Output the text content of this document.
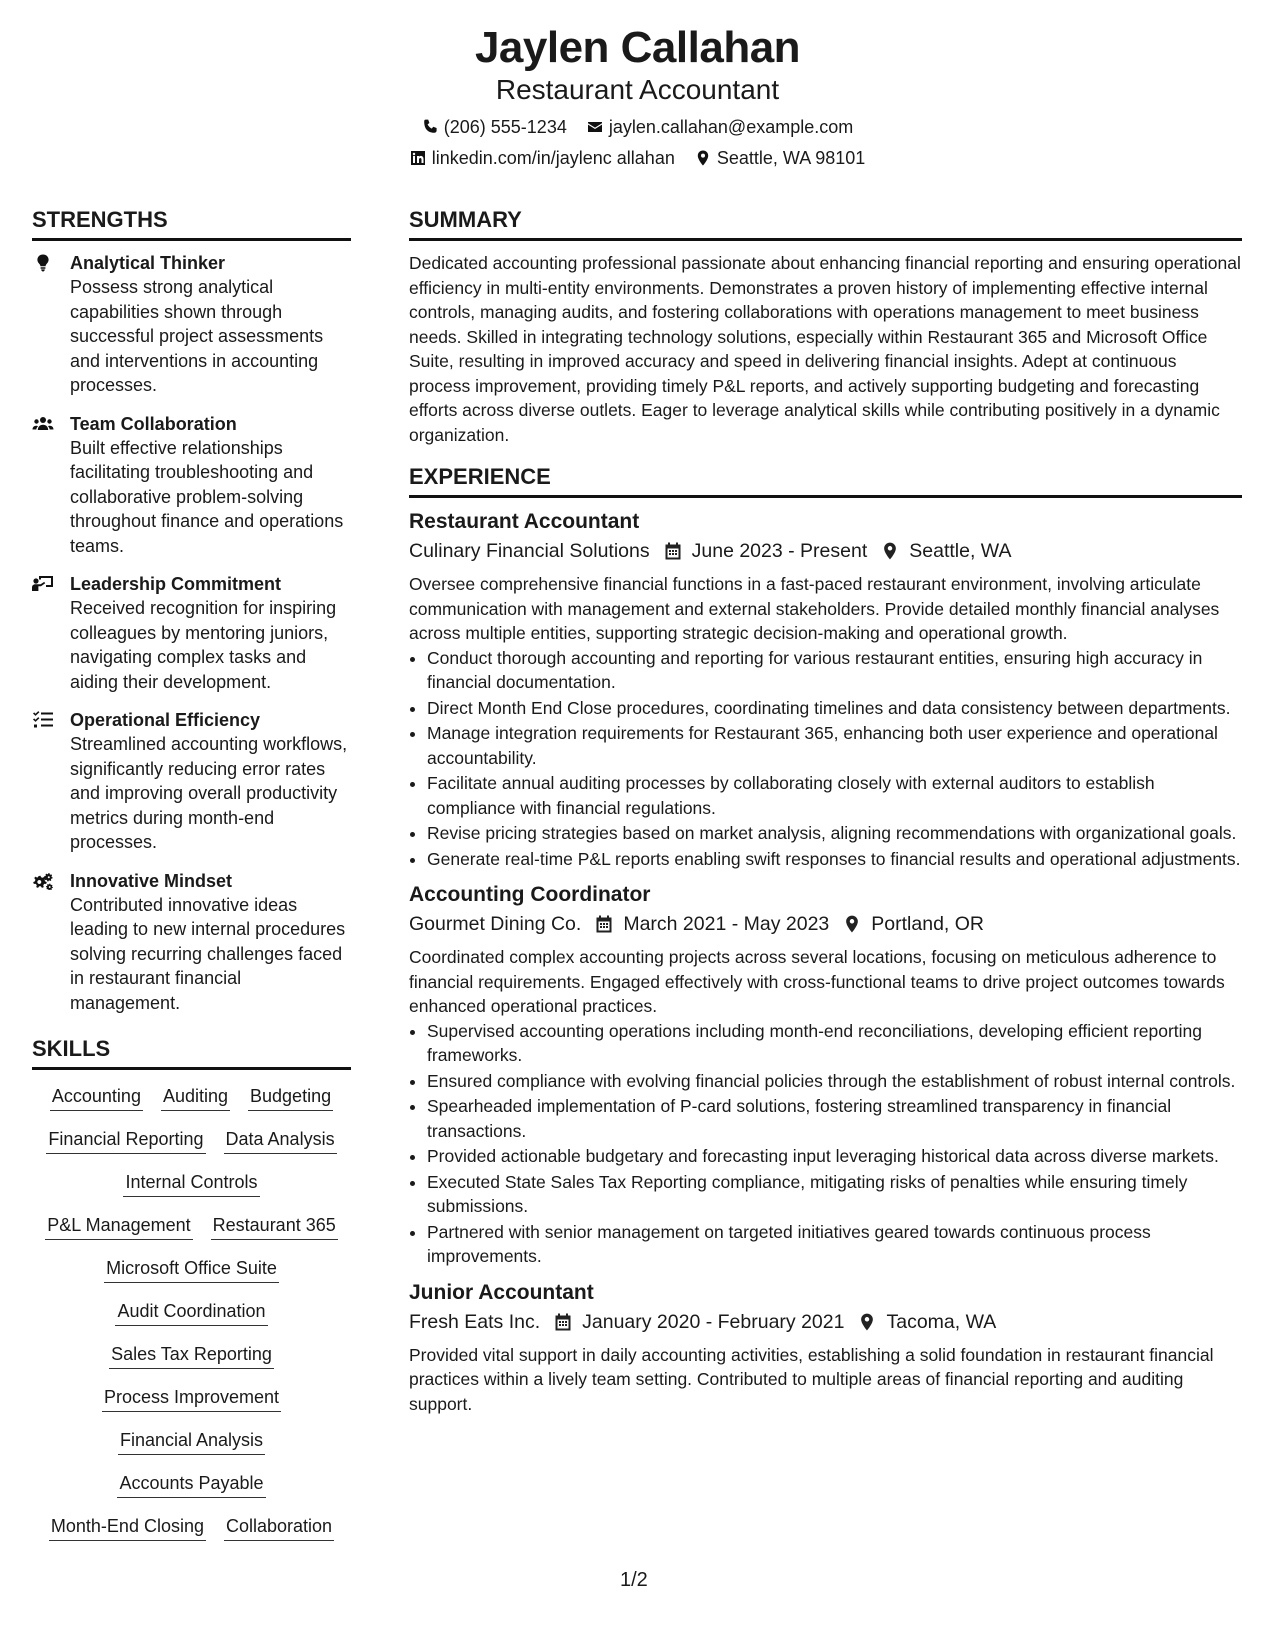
Jaylen Callahan
Restaurant Accountant
(206) 555-1234 jaylen.callahan@example.com
linkedin.com/in/jaylenc allahan Seattle, WA 98101
STRENGTHS
Analytical Thinker
Possess strong analytical capabilities shown through successful project assessments and interventions in accounting processes.
Team Collaboration
Built effective relationships facilitating troubleshooting and collaborative problem-solving throughout finance and operations teams.
Leadership Commitment
Received recognition for inspiring colleagues by mentoring juniors, navigating complex tasks and aiding their development.
Operational Efficiency
Streamlined accounting workflows, significantly reducing error rates and improving overall productivity metrics during month-end processes.
Innovative Mindset
Contributed innovative ideas leading to new internal procedures solving recurring challenges faced in restaurant financial management.
SKILLS
Accounting Auditing Budgeting
Financial Reporting Data Analysis
Internal Controls
P&L Management Restaurant 365
Microsoft Office Suite
Audit Coordination
Sales Tax Reporting
Process Improvement
Financial Analysis
Accounts Payable
Month-End Closing Collaboration
SUMMARY

Dedicated accounting professional passionate about enhancing financial reporting and ensuring operational efficiency in multi-entity environments. Demonstrates a proven history of implementing effective internal controls, managing audits, and fostering collaborations with operations management to meet business needs. Skilled in integrating technology solutions, especially within Restaurant 365 and Microsoft Office Suite, resulting in improved accuracy and speed in delivering financial insights. Adept at continuous process improvement, providing timely P&L reports, and actively supporting budgeting and forecasting efforts across diverse outlets. Eager to leverage analytical skills while contributing positively in a dynamic organization.

EXPERIENCE
Restaurant Accountant
Culinary Financial Solutions June 2023 - Present Seattle, WA
Oversee comprehensive financial functions in a fast-paced restaurant environment, involving articulate communication with management and external stakeholders. Provide detailed monthly financial analyses across multiple entities, supporting strategic decision-making and operational growth.
• Conduct thorough accounting and reporting for various restaurant entities, ensuring high accuracy in financial documentation.
• Direct Month End Close procedures, coordinating timelines and data consistency between departments.
• Manage integration requirements for Restaurant 365, enhancing both user experience and operational accountability.
• Facilitate annual auditing processes by collaborating closely with external auditors to establish compliance with financial regulations.
• Revise pricing strategies based on market analysis, aligning recommendations with organizational goals.
• Generate real-time P&L reports enabling swift responses to financial results and operational adjustments.
Accounting Coordinator
Gourmet Dining Co. March 2021 - May 2023 Portland, OR
Coordinated complex accounting projects across several locations, focusing on meticulous adherence to financial requirements. Engaged effectively with cross-functional teams to drive project outcomes towards enhanced operational practices.
• Supervised accounting operations including month-end reconciliations, developing efficient reporting frameworks.
• Ensured compliance with evolving financial policies through the establishment of robust internal controls.
• Spearheaded implementation of P-card solutions, fostering streamlined transparency in financial transactions.
• Provided actionable budgetary and forecasting input leveraging historical data across diverse markets.
• Executed State Sales Tax Reporting compliance, mitigating risks of penalties while ensuring timely submissions.
• Partnered with senior management on targeted initiatives geared towards continuous process improvements.
Junior Accountant
Fresh Eats Inc. January 2020 - February 2021 Tacoma, WA
Provided vital support in daily accounting activities, establishing a solid foundation in restaurant financial practices within a lively team setting. Contributed to multiple areas of financial reporting and auditing support.
1/2
